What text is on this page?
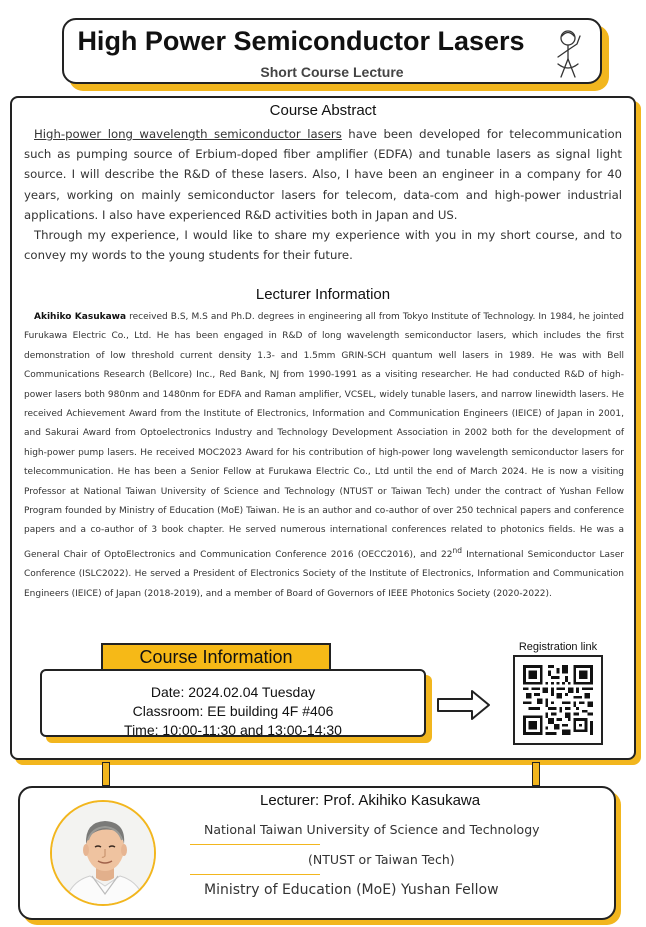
High Power Semiconductor Lasers
Short Course Lecture
Course Abstract

High-power long wavelength semiconductor lasers have been developed for telecommunication such as pumping source of Erbium-doped fiber amplifier (EDFA) and tunable lasers as signal light source. I will describe the R&D of these lasers. Also, I have been an engineer in a company for 40 years, working on mainly semiconductor lasers for telecom, data-com and high-power industrial applications. I also have experienced R&D activities both in Japan and US.

Through my experience, I would like to share my experience with you in my short course, and to convey my words to the young students for their future.

Lecturer Information
Akihiko Kasukawa received B.S, M.S and Ph.D. degrees in engineering all from Tokyo Institute of Technology. In 1984, he jointed Furukawa Electric Co., Ltd. He has been engaged in R&D of long wavelength semiconductor lasers, which includes the first demonstration of low threshold current density 1.3- and 1.5mm GRIN-SCH quantum well lasers in 1989. He was with Bell Communications Research (Bellcore) Inc., Red Bank, NJ from 1990-1991 as a visiting researcher. He had conducted R&D of high-power lasers both 980nm and 1480nm for EDFA and Raman amplifier, VCSEL, widely tunable lasers, and narrow linewidth lasers. He received Achievement Award from the Institute of Electronics, Information and Communication Engineers (IEICE) of Japan in 2001, and Sakurai Award from Optoelectronics Industry and Technology Development Association in 2002 both for the development of high-power pump lasers. He received MOC2023 Award for his contribution of high-power long wavelength semiconductor lasers for telecommunication. He has been a Senior Fellow at Furukawa Electric Co., Ltd until the end of March 2024. He is now a visiting Professor at National Taiwan University of Science and Technology (NTUST or Taiwan Tech) under the contract of Yushan Fellow Program founded by Ministry of Education (MoE) Taiwan. He is an author and co-author of over 250 technical papers and conference papers and a co-author of 3 book chapter. He served numerous international conferences related to photonics fields. He was a General Chair of OptoElectronics and Communication Conference 2016 (OECC2016), and 22nd International Semiconductor Laser Conference (ISLC2022). He served a President of Electronics Society of the Institute of Electronics, Information and Communication Engineers (IEICE) of Japan (2018-2019), and a member of Board of Governors of IEEE Photonics Society (2020-2022).
Date: 2024.02.04 Tuesday
Classroom: EE building 4F #406
Time: 10:00-11:30 and 13:00-14:30
Course Information	Registration link
Lecturer: Prof. Akihiko Kasukawa
National Taiwan University of Science and Technology
(NTUST or Taiwan Tech)
Ministry of Education (MoE) Yushan Fellow
